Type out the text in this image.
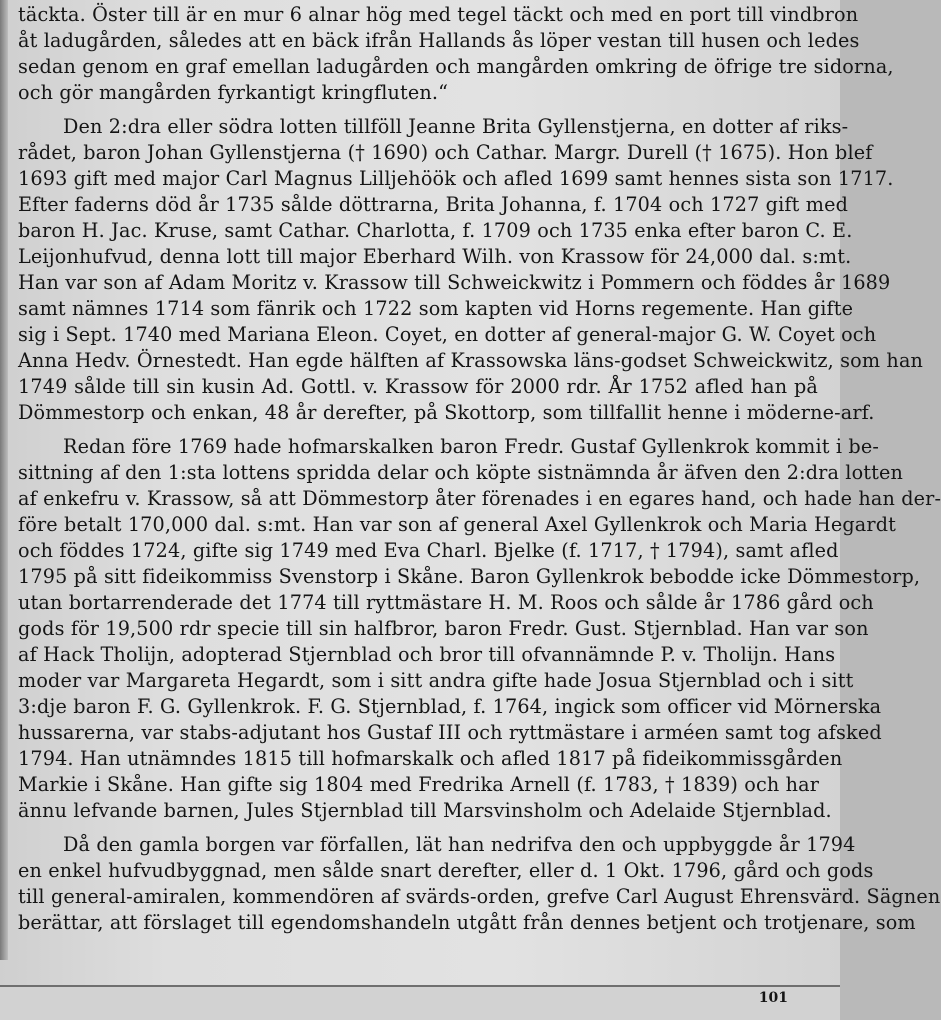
täckta. Öster till är en mur 6 alnar hög med tegel täckt och med en port till vindbron
åt ladugården, således att en bäck ifrån Hallands ås löper vestan till husen och ledes
sedan genom en graf emellan ladugården och mangården omkring de öfrige tre sidorna,
och gör mangården fyrkantigt kringfluten.“

Den 2:dra eller södra lotten tillföll Jeanne Brita Gyllenstjerna, en dotter af riks-
rådet, baron Johan Gyllenstjerna († 1690) och Cathar. Margr. Durell († 1675). Hon blef
1693 gift med major Carl Magnus Lilljehöök och afled 1699 samt hennes sista son 1717.
Efter faderns död år 1735 sålde döttrarna, Brita Johanna, f. 1704 och 1727 gift med
baron H. Jac. Kruse, samt Cathar. Charlotta, f. 1709 och 1735 enka efter baron C. E.
Leijonhufvud, denna lott till major Eberhard Wilh. von Krassow för 24,000 dal. s:mt.
Han var son af Adam Moritz v. Krassow till Schweickwitz i Pommern och föddes år 1689
samt nämnes 1714 som fänrik och 1722 som kapten vid Horns regemente. Han gifte
sig i Sept. 1740 med Mariana Eleon. Coyet, en dotter af general-major G. W. Coyet och
Anna Hedv. Örnestedt. Han egde hälften af Krassowska läns-godset Schweickwitz, som han
1749 sålde till sin kusin Ad. Gottl. v. Krassow för 2000 rdr. År 1752 afled han på
Dömmestorp och enkan, 48 år derefter, på Skottorp, som tillfallit henne i möderne-arf.

Redan före 1769 hade hofmarskalken baron Fredr. Gustaf Gyllenkrok kommit i be-
sittning af den 1:sta lottens spridda delar och köpte sistnämnda år äfven den 2:dra lotten
af enkefru v. Krassow, så att Dömmestorp åter förenades i en egares hand, och hade han der-
före betalt 170,000 dal. s:mt. Han var son af general Axel Gyllenkrok och Maria Hegardt
och föddes 1724, gifte sig 1749 med Eva Charl. Bjelke (f. 1717, † 1794), samt afled
1795 på sitt fideikommiss Svenstorp i Skåne. Baron Gyllenkrok bebodde icke Dömmestorp,
utan bortarrenderade det 1774 till ryttmästare H. M. Roos och sålde år 1786 gård och
gods för 19,500 rdr specie till sin halfbror, baron Fredr. Gust. Stjernblad. Han var son
af Hack Tholijn, adopterad Stjernblad och bror till ofvannämnde P. v. Tholijn. Hans
moder var Margareta Hegardt, som i sitt andra gifte hade Josua Stjernblad och i sitt
3:dje baron F. G. Gyllenkrok. F. G. Stjernblad, f. 1764, ingick som officer vid Mörnerska
hussarerna, var stabs-adjutant hos Gustaf III och ryttmästare i arméen samt tog afsked
1794. Han utnämndes 1815 till hofmarskalk och afled 1817 på fideikommissgården
Markie i Skåne. Han gifte sig 1804 med Fredrika Arnell (f. 1783, † 1839) och har
ännu lefvande barnen, Jules Stjernblad till Marsvinsholm och Adelaide Stjernblad.

Då den gamla borgen var förfallen, lät han nedrifva den och uppbyggde år 1794
en enkel hufvudbyggnad, men sålde snart derefter, eller d. 1 Okt. 1796, gård och gods
till general-amiralen, kommendören af svärds-orden, grefve Carl August Ehrensvärd. Sägnen
berättar, att förslaget till egendomshandeln utgått från dennes betjent och trotjenare, som

101
